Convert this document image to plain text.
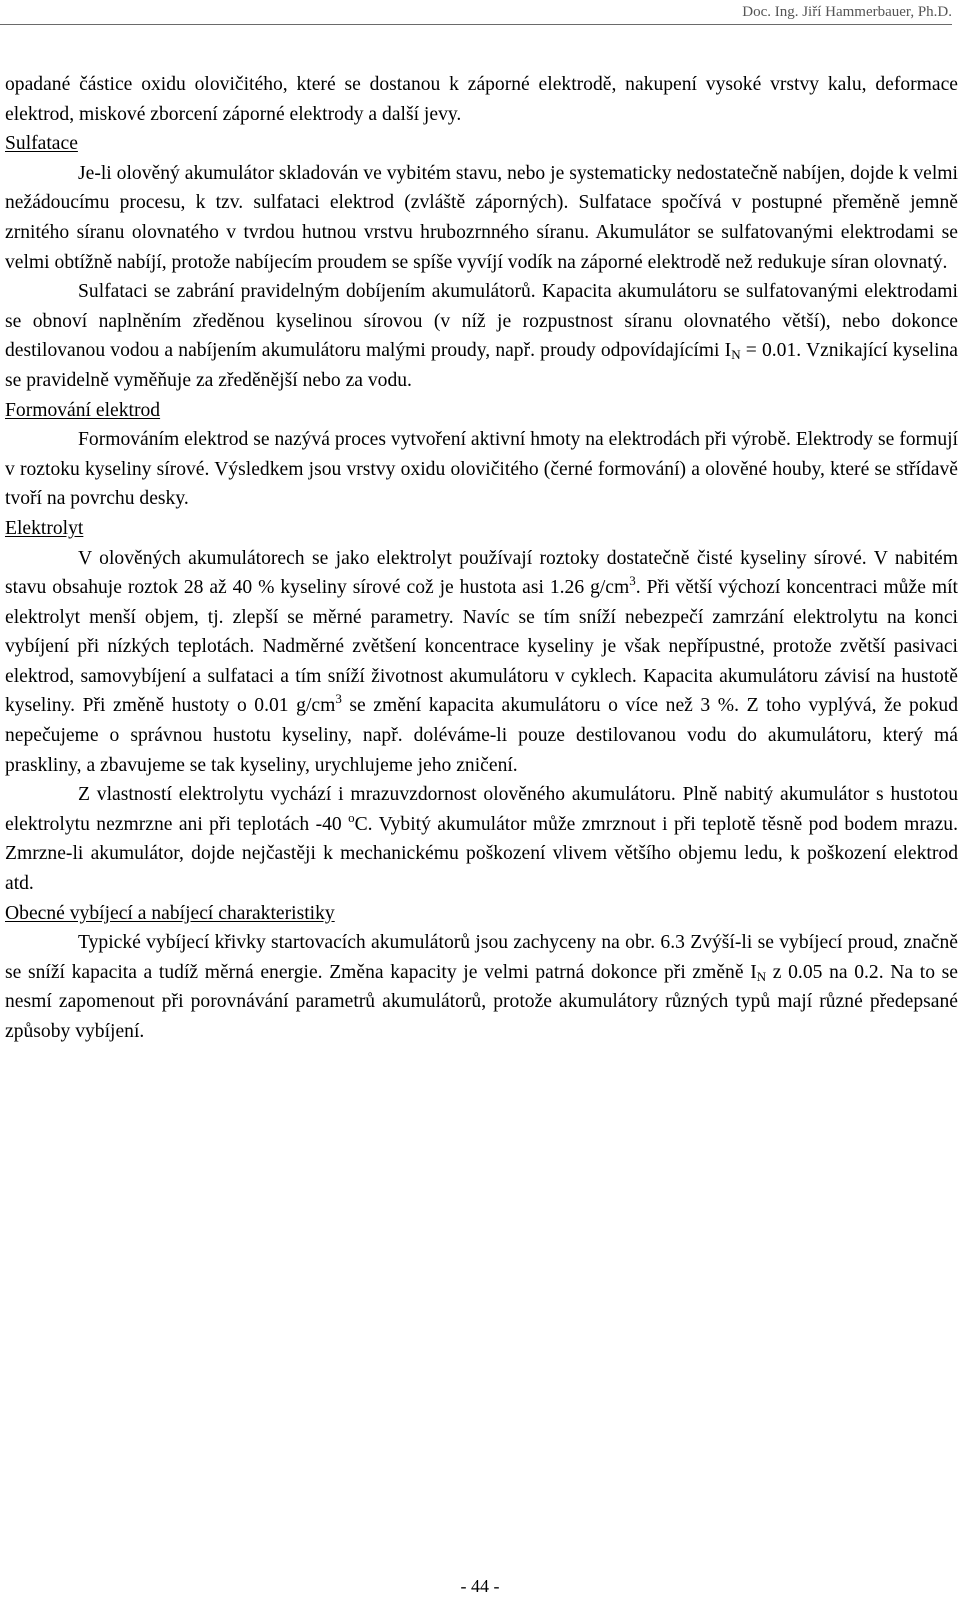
Doc. Ing. Jiří Hammerbauer, Ph.D.

opadané částice oxidu olovičitého, které se dostanou k záporné elektrodě, nakupení vysoké vrstvy kalu, deformace elektrod, miskové zborcení záporné elektrody a další jevy.

Sulfatace

Je-li olověný akumulátor skladován ve vybitém stavu, nebo je systematicky nedostatečně nabíjen, dojde k velmi nežádoucímu procesu, k tzv. sulfataci elektrod (zvláště záporných). Sulfatace spočívá v postupné přeměně jemně zrnitého síranu olovnatého v tvrdou hutnou vrstvu hrubozrnného síranu. Akumulátor se sulfatovanými elektrodami se velmi obtížně nabíjí, protože nabíjecím proudem se spíše vyvíjí vodík na záporné elektrodě než redukuje síran olovnatý.

Sulfataci se zabrání pravidelným dobíjením akumulátorů. Kapacita akumulátoru se sulfatovanými elektrodami se obnoví naplněním zředěnou kyselinou sírovou (v níž je rozpustnost síranu olovnatého větší), nebo dokonce destilovanou vodou a nabíjením akumulátoru malými proudy, např. proudy odpovídajícími $I_N = 0.01$. Vznikající kyselina se pravidelně vyměňuje za zředěnější nebo za vodu.

Formování elektrod

Formováním elektrod se nazývá proces vytvoření aktivní hmoty na elektrodách při výrobě. Elektrody se formují v roztoku kyseliny sírové. Výsledkem jsou vrstvy oxidu olovičitého (černé formování) a olověné houby, které se střídavě tvoří na povrchu desky.

Elektrolyt

V olověných akumulátorech se jako elektrolyt používají roztoky dostatečně čisté kyseliny sírové. V nabitém stavu obsahuje roztok 28 až 40 % kyseliny sírové což je hustota asi 1.26 $g/cm^3$. Při větší výchozí koncentraci může mít elektrolyt menší objem, tj. zlepší se měrné parametry. Navíc se tím sníží nebezpečí zamrzání elektrolytu na konci vybíjení při nízkých teplotách. Nadměrné zvětšení koncentrace kyseliny je však nepřípustné, protože zvětší pasivaci elektrod, samovybíjení a sulfataci a tím sníží životnost akumulátoru v cyklech. Kapacita akumulátoru závisí na hustotě kyseliny. Při změně hustoty o 0.01 $g/cm^3$ se změní kapacita akumulátoru o více než 3 %. Z toho vyplývá, že pokud nepečujeme o správnou hustotu kyseliny, např. doléváme-li pouze destilovanou vodu do akumulátoru, který má praskliny, a zbavujeme se tak kyseliny, urychlujeme jeho zničení.

Z vlastností elektrolytu vychází i mrazuvzdornost olověného akumulátoru. Plně nabitý akumulátor s hustotou elektrolytu nezmrzne ani při teplotách -40 $^o$C. Vybitý akumulátor může zmrznout i při teplotě těsně pod bodem mrazu. Zmrzne-li akumulátor, dojde nejčastěji k mechanickému poškození vlivem většího objemu ledu, k poškození elektrod atd.

Obecné vybíjecí a nabíjecí charakteristiky

Typické vybíjecí křivky startovacích akumulátorů jsou zachyceny na obr. 6.3 Zvýší-li se vybíjecí proud, značně se sníží kapacita a tudíž měrná energie. Změna kapacity je velmi patrná dokonce při změně $I_N$ z 0.05 na 0.2. Na to se nesmí zapomenout při porovnávání parametrů akumulátorů, protože akumulátory různých typů mají různé předepsané způsoby vybíjení.

- 44 -
